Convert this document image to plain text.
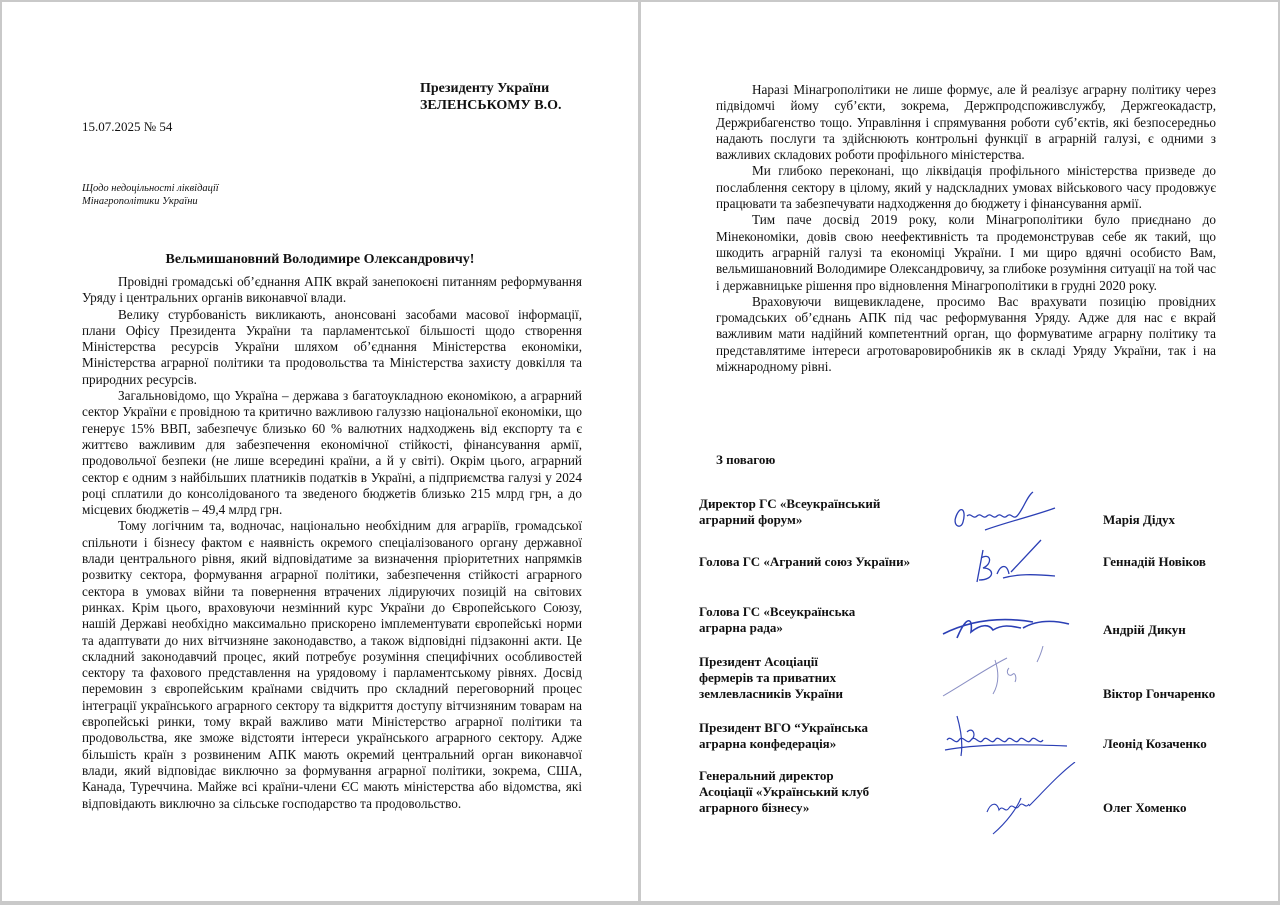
Президенту України
ЗЕЛЕНСЬКОМУ В.О.
15.07.2025 № 54
Щодо недоцільності ліквідації
Мінагрополітики України
Вельмишановний Володимире Олександровичу!

Провідні громадські об’єднання АПК вкрай занепокоєні питанням реформування Уряду і центральних органів виконавчої влади.

Велику стурбованість викликають, анонсовані засобами масової інформації, плани Офісу Президента України та парламентської більшості щодо створення Міністерства ресурсів України шляхом об’єднання Міністерства економіки, Міністерства аграрної політики та продовольства та Міністерства захисту довкілля та природних ресурсів.

Загальновідомо, що Україна – держава з багатоукладною економікою, а аграрний сектор України є провідною та критично важливою галуззю національної економіки, що генерує 15% ВВП, забезпечує близько 60 % валютних надходжень від експорту та є життєво важливим для забезпечення економічної стійкості, фінансування армії, продовольчої безпеки (не лише всередині країни, а й у світі). Окрім цього, аграрний сектор є одним з найбільших платників податків в Україні, а підприємства галузі у 2024 році сплатили до консолідованого та зведеного бюджетів близько 215 млрд грн, а до місцевих бюджетів – 49,4 млрд грн.

Тому логічним та, водночас, національно необхідним для аграріїв, громадської спільноти і бізнесу фактом є наявність окремого спеціалізованого органу державної влади центрального рівня, який відповідатиме за визначення пріоритетних напрямків розвитку сектора, формування аграрної політики, забезпечення стійкості аграрного сектора в умовах війни та повернення втрачених лідируючих позицій на світових ринках. Крім цього, враховуючи незмінний курс України до Європейського Союзу, нашій Державі необхідно максимально прискорено імплементувати європейські норми та адаптувати до них вітчизняне законодавство, а також відповідні підзаконні акти. Це складний законодавчий процес, який потребує розуміння специфічних особливостей сектору та фахового представлення на урядовому і парламентському рівнях. Досвід перемовин з європейським країнами свідчить про складний переговорний процес інтеграції українського аграрного сектору та відкриття доступу вітчизняним товарам на європейські ринки, тому вкрай важливо мати Міністерство аграрної політики та продовольства, яке зможе відстояти інтереси українського аграрного сектору. Адже більшість країн з розвиненим АПК мають окремий центральний орган виконавчої влади, який відповідає виключно за формування аграрної політики, зокрема, США, Канада, Туреччина. Майже всі країни-члени ЄС мають міністерства або відомства, які відповідають виключно за сільське господарство та продовольство.

Наразі Мінагрополітики не лише формує, але й реалізує аграрну політику через підвідомчі йому суб’єкти, зокрема, Держпродспоживслужбу, Держгеокадастр, Держрибагенство тощо. Управління і спрямування роботи суб’єктів, які безпосередньо надають послуги та здійснюють контрольні функції в аграрній галузі, є одними з важливих складових роботи профільного міністерства.

Ми глибоко переконані, що ліквідація профільного міністерства призведе до послаблення сектору в цілому, який у надскладних умовах військового часу продовжує працювати та забезпечувати надходження до бюджету і фінансування армії.

Тим паче досвід 2019 року, коли Мінагрополітики було приєднано до Мінекономіки, довів свою неефективність та продемонстрував себе як такий, що шкодить аграрній галузі та економіці України. І ми щиро вдячні особисто Вам, вельмишановний Володимире Олександровичу, за глибоке розуміння ситуації на той час і державницьке рішення про відновлення Мінагрополітики в грудні 2020 року.

Враховуючи вищевикладене, просимо Вас врахувати позицію провідних громадських об’єднань АПК під час реформування Уряду. Адже для нас є вкрай важливим мати надійний компетентний орган, що формуватиме аграрну політику та представлятиме інтереси агротоваровиробників як в складі Уряду України, так і на міжнародному рівні.

З повагою
Директор ГС «Всеукраїнський
аграрний форум»	Марія Дідух
Голова ГС «Аграний союз України»	Геннадій Новіков
Голова ГС «Всеукраїнська
аграрна рада»	Андрій Дикун
Президент Асоціації
фермерів та приватних
землевласників України	Віктор Гончаренко
Президент ВГО “Українська
аграрна конфедерація»	Леонід Козаченко
Генеральний директор
Асоціації «Український клуб
аграрного бізнесу»	Олег Хоменко
